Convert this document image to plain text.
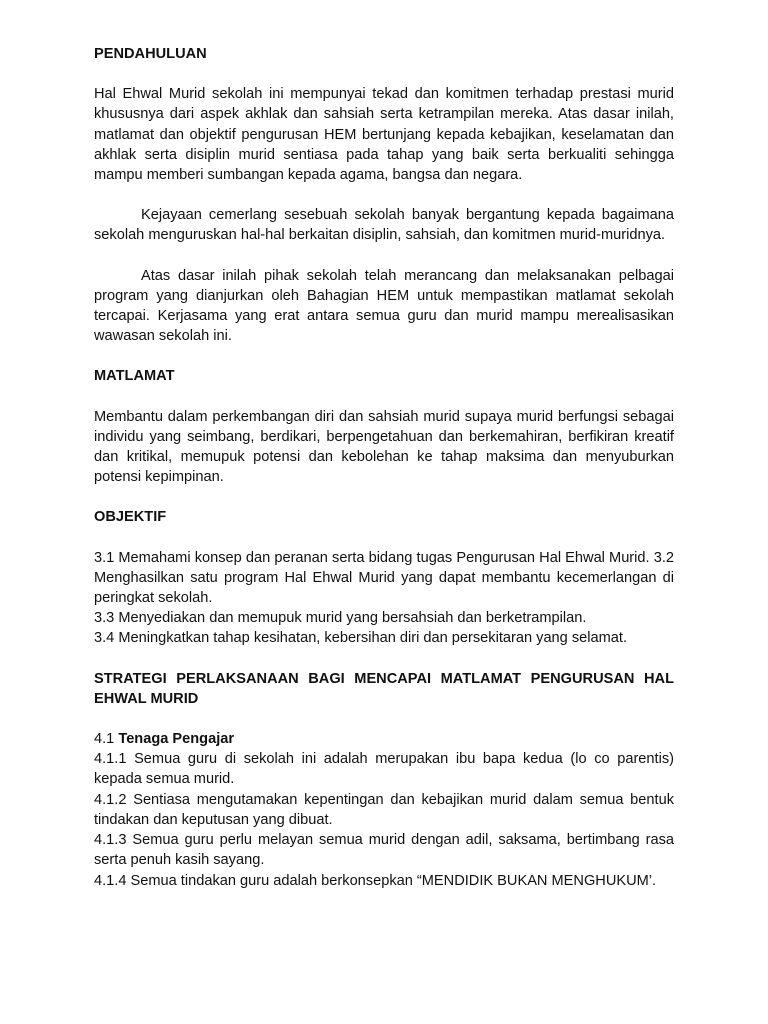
PENDAHULUAN

Hal Ehwal Murid sekolah ini mempunyai tekad dan komitmen terhadap prestasi murid khususnya dari aspek akhlak dan sahsiah serta ketrampilan mereka. Atas dasar inilah, matlamat dan objektif pengurusan HEM bertunjang kepada kebajikan, keselamatan dan akhlak serta disiplin murid sentiasa pada tahap yang baik serta berkualiti sehingga mampu memberi sumbangan kepada agama, bangsa dan negara.

Kejayaan cemerlang sesebuah sekolah banyak bergantung kepada bagaimana sekolah menguruskan hal-hal berkaitan disiplin, sahsiah, dan komitmen murid-muridnya.

Atas dasar inilah pihak sekolah telah merancang dan melaksanakan pelbagai program yang dianjurkan oleh Bahagian HEM untuk mempastikan matlamat sekolah tercapai. Kerjasama yang erat antara semua guru dan murid mampu merealisasikan wawasan sekolah ini.

MATLAMAT

Membantu dalam perkembangan diri dan sahsiah murid supaya murid berfungsi sebagai individu yang seimbang, berdikari, berpengetahuan dan berkemahiran, berfikiran kreatif dan kritikal, memupuk potensi dan kebolehan ke tahap maksima dan menyuburkan potensi kepimpinan.

OBJEKTIF

3.1 Memahami konsep dan peranan serta bidang tugas Pengurusan Hal Ehwal Murid. 3.2 Menghasilkan satu program Hal Ehwal Murid yang dapat membantu kecemerlangan di peringkat sekolah.

3.3 Menyediakan dan memupuk murid yang bersahsiah dan berketrampilan.

3.4 Meningkatkan tahap kesihatan, kebersihan diri dan persekitaran yang selamat.

STRATEGI PERLAKSANAAN BAGI MENCAPAI MATLAMAT PENGURUSAN HAL EHWAL MURID

4.1 Tenaga Pengajar

4.1.1 Semua guru di sekolah ini adalah merupakan ibu bapa kedua (lo co parentis) kepada semua murid.

4.1.2 Sentiasa mengutamakan kepentingan dan kebajikan murid dalam semua bentuk tindakan dan keputusan yang dibuat.

4.1.3 Semua guru perlu melayan semua murid dengan adil, saksama, bertimbang rasa serta penuh kasih sayang.

4.1.4 Semua tindakan guru adalah berkonsepkan “MENDIDIK BUKAN MENGHUKUM’.
